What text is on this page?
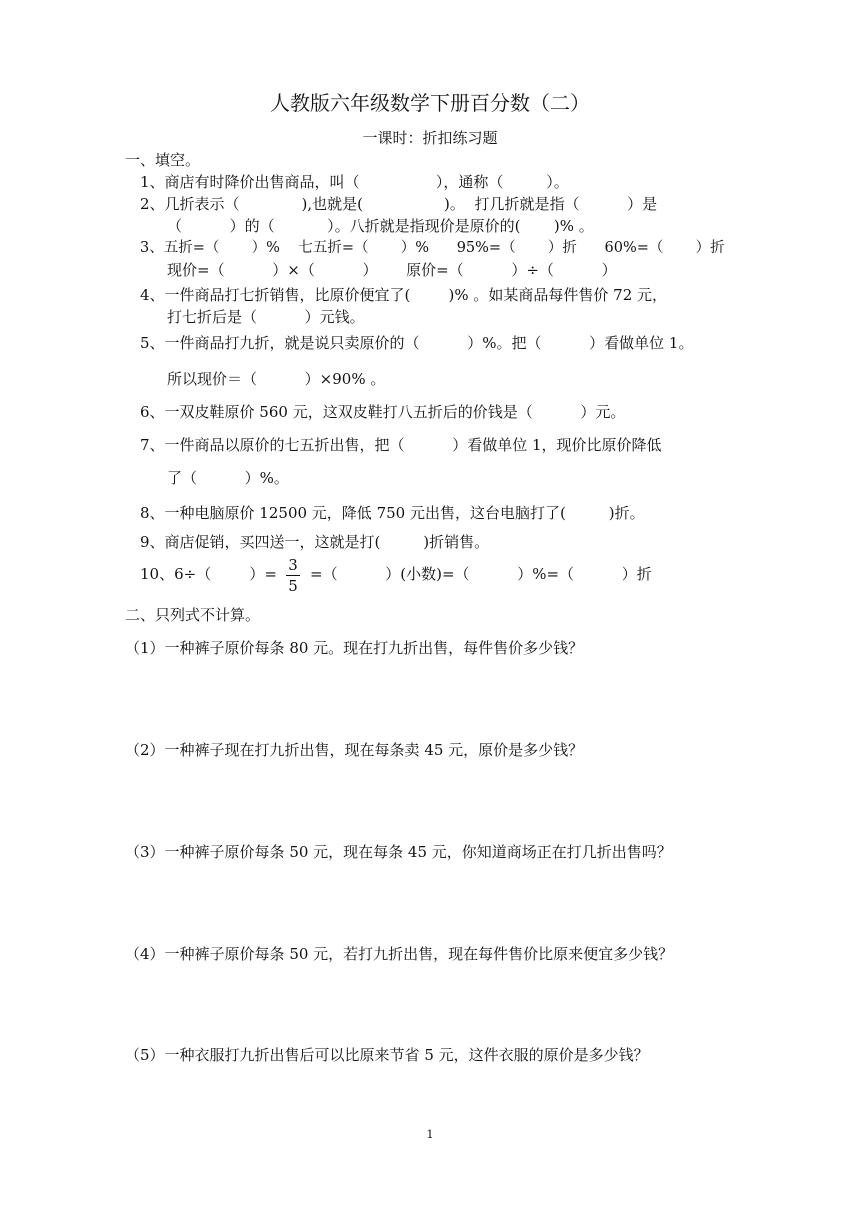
人教版六年级数学下册百分数（二）
一课时：折扣练习题
一、填空。
1、商店有时降价出售商品，叫（                ），通称（         ）。
2、几折表示（             ),也就是(                 )。  打几折就是指（          ）是
（          ）的（           ）。八折就是指现价是原价的(       )% 。
3、五折=（       ）%    七五折=（       ）%      95%=（       ）折      60%=（       ）折
现价=（          ）×（          ）      原价=（          ）÷（          ）
4、一件商品打七折销售，比原价便宜了(        )% 。如某商品每件售价 72 元，
打七折后是（          ）元钱。
5、一件商品打九折，就是说只卖原价的（          ）%。把（          ）看做单位 1。
所以现价＝（          ）×90% 。
6、一双皮鞋原价 560 元，这双皮鞋打八五折后的价钱是（          ）元。
7、一件商品以原价的七五折出售，把（          ）看做单位 1，现价比原价降低
了（          ）%。
8、一种电脑原价 12500 元，降低 750 元出售，这台电脑打了(         )折。
9、商店促销，买四送一，这就是打(         )折销售。
10、6÷（        ）= 3
5
=（          ）(小数)=（          ）%=（          ）折
二、只列式不计算。
（1）一种裤子原价每条 80 元。现在打九折出售，每件售价多少钱？
（2）一种裤子现在打九折出售，现在每条卖 45 元，原价是多少钱？
（3）一种裤子原价每条 50 元，现在每条 45 元，你知道商场正在打几折出售吗？
（4）一种裤子原价每条 50 元，若打九折出售，现在每件售价比原来便宜多少钱？
（5）一种衣服打九折出售后可以比原来节省 5 元，这件衣服的原价是多少钱？
1
